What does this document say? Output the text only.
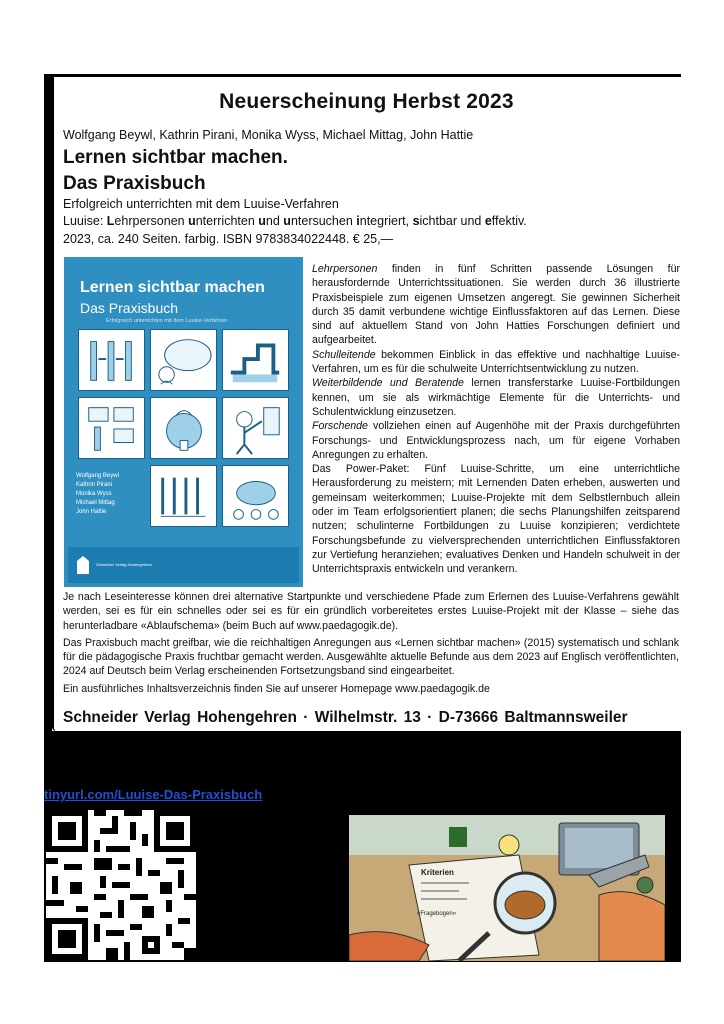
Neuerscheinung Herbst 2023
Wolfgang Beywl, Kathrin Pirani, Monika Wyss, Michael Mittag, John Hattie
Lernen sichtbar machen.
Das Praxisbuch
Erfolgreich unterrichten mit dem Luuise-Verfahren
Luuise: Lehrpersonen unterrichten und untersuchen integriert, sichtbar und effektiv.
2023, ca. 240 Seiten. farbig. ISBN 9783834022448. € 25,—
Lernen sichtbar machen
Das Praxisbuch
Erfolgreich unterrichten mit dem Luuise-Verfahren
Wolfgang Beywl
Kathrin Pirani
Monika Wyss
Michael Mittag
John Hattie
Schneider Verlag Hohengehren

Lehrpersonen finden in fünf Schritten passende Lösungen für herausfordernde Unterrichtssituationen. Sie werden durch 36 illustrierte Praxisbeispiele zum eigenen Umsetzen angeregt. Sie gewinnen Sicherheit durch 35 damit verbundene wichtige Einflussfaktoren auf das Lernen. Diese sind auf aktuellem Stand von John Hatties Forschungen definiert und aufgearbeitet.

Schulleitende bekommen Einblick in das effektive und nachhaltige Luuise-Verfahren, um es für die schulweite Unterrichtsentwicklung zu nutzen.

Weiterbildende und Beratende lernen transferstarke Luuise-Fortbildungen kennen, um sie als wirkmächtige Elemente für die Unterrichts- und Schulentwicklung einzusetzen.

Forschende vollziehen einen auf Augenhöhe mit der Praxis durchgeführten Forschungs- und Entwicklungsprozess nach, um für eigene Vorhaben Anregungen zu erhalten.

Das Power-Paket: Fünf Luuise-Schritte, um eine unterrichtliche Herausforderung zu meistern; mit Lernenden Daten erheben, auswerten und gemeinsam weiterkommen; Luuise-Projekte mit dem Selbstlernbuch allein oder im Team erfolgsorientiert planen; die sechs Planungshilfen zeitsparend nutzen; schulinterne Fortbildungen zu Luuise konzipieren; verdichtete Forschungsbefunde zu vielversprechenden unterrichtlichen Einflussfaktoren zur Vertiefung heranziehen; evaluatives Denken und Handeln schulweit in der Unterrichtspraxis entwickeln und verankern.

Je nach Leseinteresse können drei alternative Startpunkte und verschiedene Pfade zum Erlernen des Luuise-Verfahrens gewählt werden, sei es für ein schnelles oder sei es für ein gründlich vorbereitetes erstes Luuise-Projekt mit der Klasse – siehe das herunterladbare «Ablaufschema» (beim Buch auf www.paedagogik.de).

Das Praxisbuch macht greifbar, wie die reichhaltigen Anregungen aus «Lernen sichtbar machen» (2015) systematisch und schlank für die pädagogische Praxis fruchtbar gemacht werden. Ausgewählte aktuelle Befunde aus dem 2023 auf Englisch veröffentlichten, 2024 auf Deutsch beim Verlag erscheinenden Fortsetzungsband sind eingearbeitet.

Ein ausführliches Inhaltsverzeichnis finden Sie auf unserer Homepage www.paedagogik.de

Schneider Verlag Hohengehren · Wilhelmstr. 13 · D-73666 Baltmannsweiler
tinyurl.com/Luuise-Das-Praxisbuch
Kriterien
«Fragebogen»
